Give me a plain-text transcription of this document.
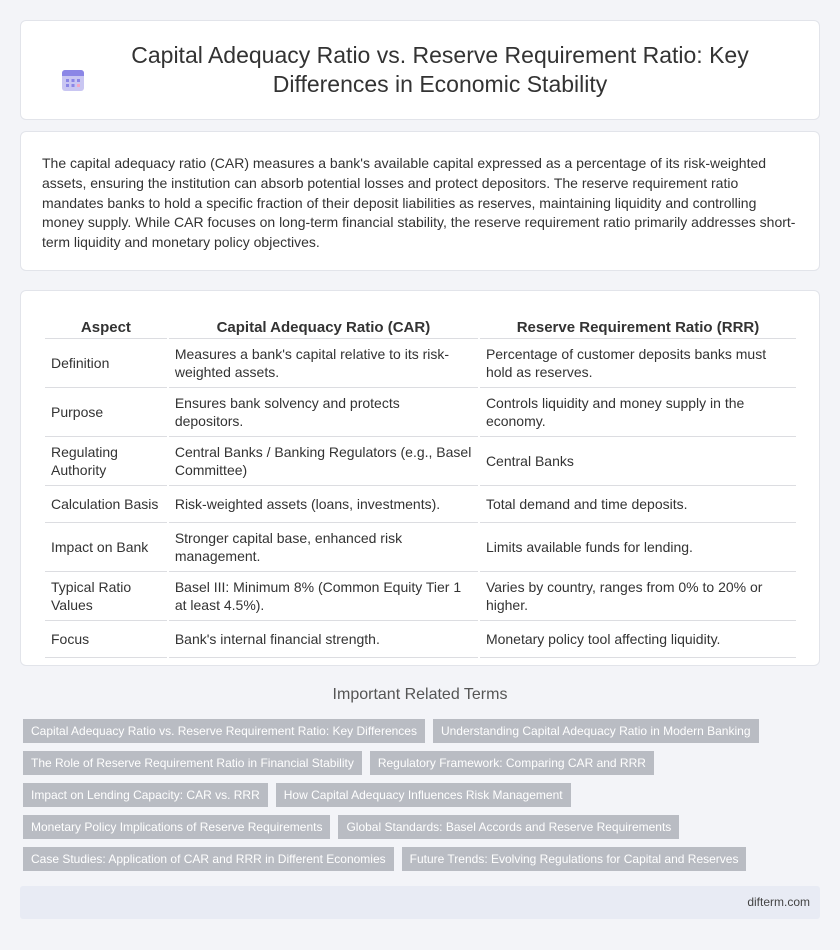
Capital Adequacy Ratio vs. Reserve Requirement Ratio: Key Differences in Economic Stability

The capital adequacy ratio (CAR) measures a bank's available capital expressed as a percentage of its risk-weighted assets, ensuring the institution can absorb potential losses and protect depositors. The reserve requirement ratio mandates banks to hold a specific fraction of their deposit liabilities as reserves, maintaining liquidity and controlling money supply. While CAR focuses on long-term financial stability, the reserve requirement ratio primarily addresses short-term liquidity and monetary policy objectives.

Aspect	Capital Adequacy Ratio (CAR)	Reserve Requirement Ratio (RRR)
Definition	Measures a bank's capital relative to its risk-weighted assets.	Percentage of customer deposits banks must hold as reserves.
Purpose	Ensures bank solvency and protects depositors.	Controls liquidity and money supply in the economy.
Regulating Authority	Central Banks / Banking Regulators (e.g., Basel Committee)	Central Banks
Calculation Basis	Risk-weighted assets (loans, investments).	Total demand and time deposits.
Impact on Bank	Stronger capital base, enhanced risk management.	Limits available funds for lending.
Typical Ratio Values	Basel III: Minimum 8% (Common Equity Tier 1 at least 4.5%).	Varies by country, ranges from 0% to 20% or higher.
Focus	Bank's internal financial strength.	Monetary policy tool affecting liquidity.
Important Related Terms
Capital Adequacy Ratio vs. Reserve Requirement Ratio: Key Differences	Understanding Capital Adequacy Ratio in Modern Banking
The Role of Reserve Requirement Ratio in Financial Stability	Regulatory Framework: Comparing CAR and RRR
Impact on Lending Capacity: CAR vs. RRR	How Capital Adequacy Influences Risk Management
Monetary Policy Implications of Reserve Requirements	Global Standards: Basel Accords and Reserve Requirements
Case Studies: Application of CAR and RRR in Different Economies	Future Trends: Evolving Regulations for Capital and Reserves
difterm.com
